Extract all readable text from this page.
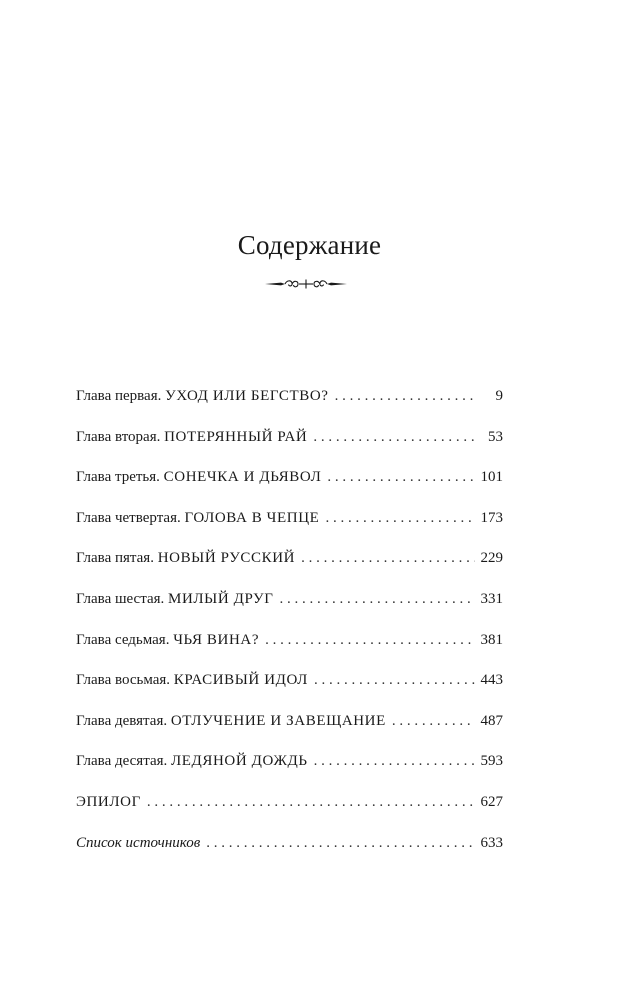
Содержание
Глава первая. УХОД ИЛИ БЕГСТВО? . . .	9
Глава вторая. ПОТЕРЯННЫЙ РАЙ . . .	53
Глава третья. СОНЕЧКА И ДЬЯВОЛ . . .	101
Глава четвертая. ГОЛОВА В ЧЕПЦЕ . . .	173
Глава пятая. НОВЫЙ РУССКИЙ . . .	229
Глава шестая. МИЛЫЙ ДРУГ . . .	331
Глава седьмая. ЧЬЯ ВИНА? . . .	381
Глава восьмая. КРАСИВЫЙ ИДОЛ . . .	443
Глава девятая. ОТЛУЧЕНИЕ И ЗАВЕЩАНИЕ . . .	487
Глава десятая. ЛЕДЯНОЙ ДОЖДЬ . . .	593
ЭПИЛОГ . . .	627
Список источников . . .	633
